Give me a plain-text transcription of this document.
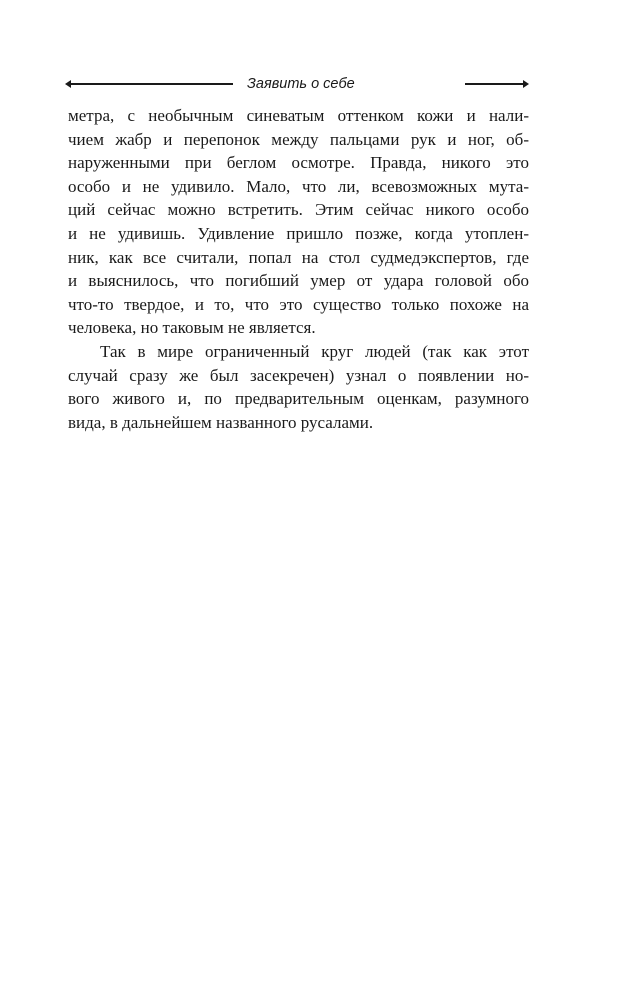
Заявить о себе
метра, с необычным синеватым оттенком кожи и нали-
чием жабр и перепонок между пальцами рук и ног, об-
наруженными при беглом осмотре. Правда, никого это
особо и не удивило. Мало, что ли, всевозможных мута-
ций сейчас можно встретить. Этим сейчас никого особо
и не удивишь. Удивление пришло позже, когда утоплен-
ник, как все считали, попал на стол судмедэкспертов, где
и выяснилось, что погибший умер от удара головой обо
что-то твердое, и то, что это существо только похоже на
человека, но таковым не является.
Так в мире ограниченный круг людей (так как этот
случай сразу же был засекречен) узнал о появлении но-
вого живого и, по предварительным оценкам, разумного
вида, в дальнейшем названного русалами.
